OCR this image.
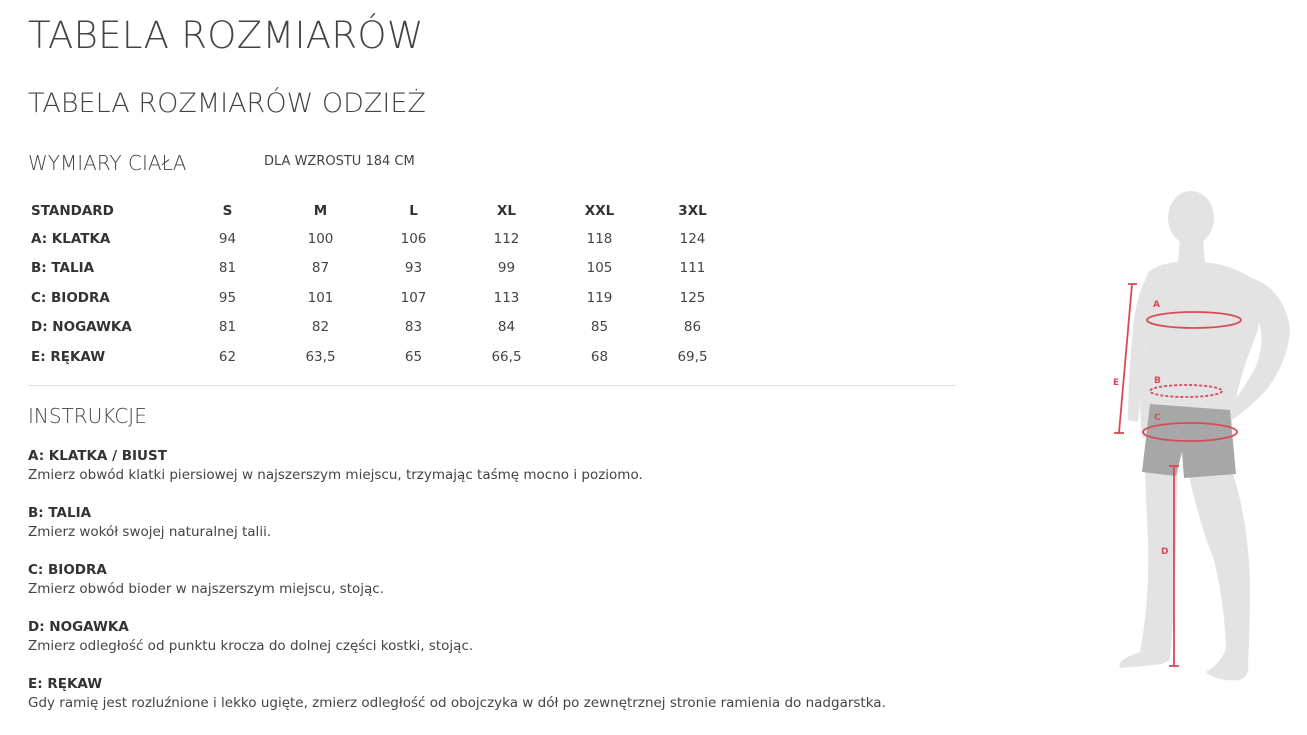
TABELA ROZMIARÓW
TABELA ROZMIARÓW ODZIEŻ
WYMIARY CIAŁA	DLA WZROSTU 184 CM
STANDARD	S	M	L	XL	XXL	3XL
A: KLATKA	94	100	106	112	118	124
B: TALIA	81	87	93	99	105	111
C: BIODRA	95	101	107	113	119	125
D: NOGAWKA	81	82	83	84	85	86
E: RĘKAW	62	63,5	65	66,5	68	69,5
INSTRUKCJE

A: KLATKA / BIUST

Zmierz obwód klatki piersiowej w najszerszym miejscu, trzymając taśmę mocno i poziomo.

B: TALIA

Zmierz wokół swojej naturalnej talii.

C: BIODRA

Zmierz obwód bioder w najszerszym miejscu, stojąc.

D: NOGAWKA

Zmierz odległość od punktu krocza do dolnej części kostki, stojąc.

E: RĘKAW

Gdy ramię jest rozluźnione i lekko ugięte, zmierz odległość od obojczyka w dół po zewnętrznej stronie ramienia do nadgarstka.

A
B
C
D
E
